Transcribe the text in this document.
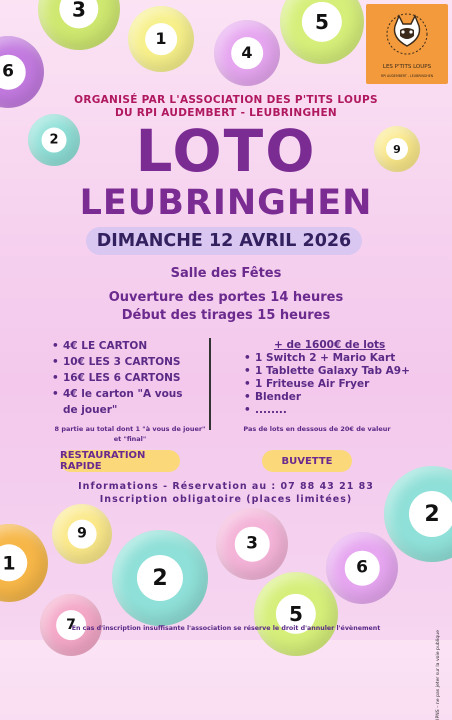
3
1
4
5
6
2
9
2
9	3
1
2	6
7	5
LES P'TITS LOUPS
RPI AUDEMBERT - LEUBRINGHEN
ORGANISÉ PAR L'ASSOCIATION DES P'TITS LOUPS
DU RPI AUDEMBERT - LEUBRINGHEN
LOTO
LEUBRINGHEN
DIMANCHE 12 AVRIL 2026
Salle des Fêtes
Ouverture des portes 14 heures
Début des tirages 15 heures
• 4€ LE CARTON
• 10€ LES 3 CARTONS
• 16€ LES 6 CARTONS
• 4€ le carton "A vous de jouer"
8 partie au total dont 1 "à vous de jouer"
et "final"
+ de 1600€ de lots
• 1 Switch 2 + Mario Kart
• 1 Tablette Galaxy Tab A9+
• 1 Friteuse Air Fryer
• Blender
• ........
Pas de lots en dessous de 20€ de valeur
RESTAURATION RAPIDE	BUVETTE
Informations - Réservation au : 07 88 43 21 83
Inscription obligatoire (places limitées)
En cas d'inscription insuffisante l'association se réserve le droit d'annuler l'évènement
IPNS – ne pas jeter sur la voie publique
